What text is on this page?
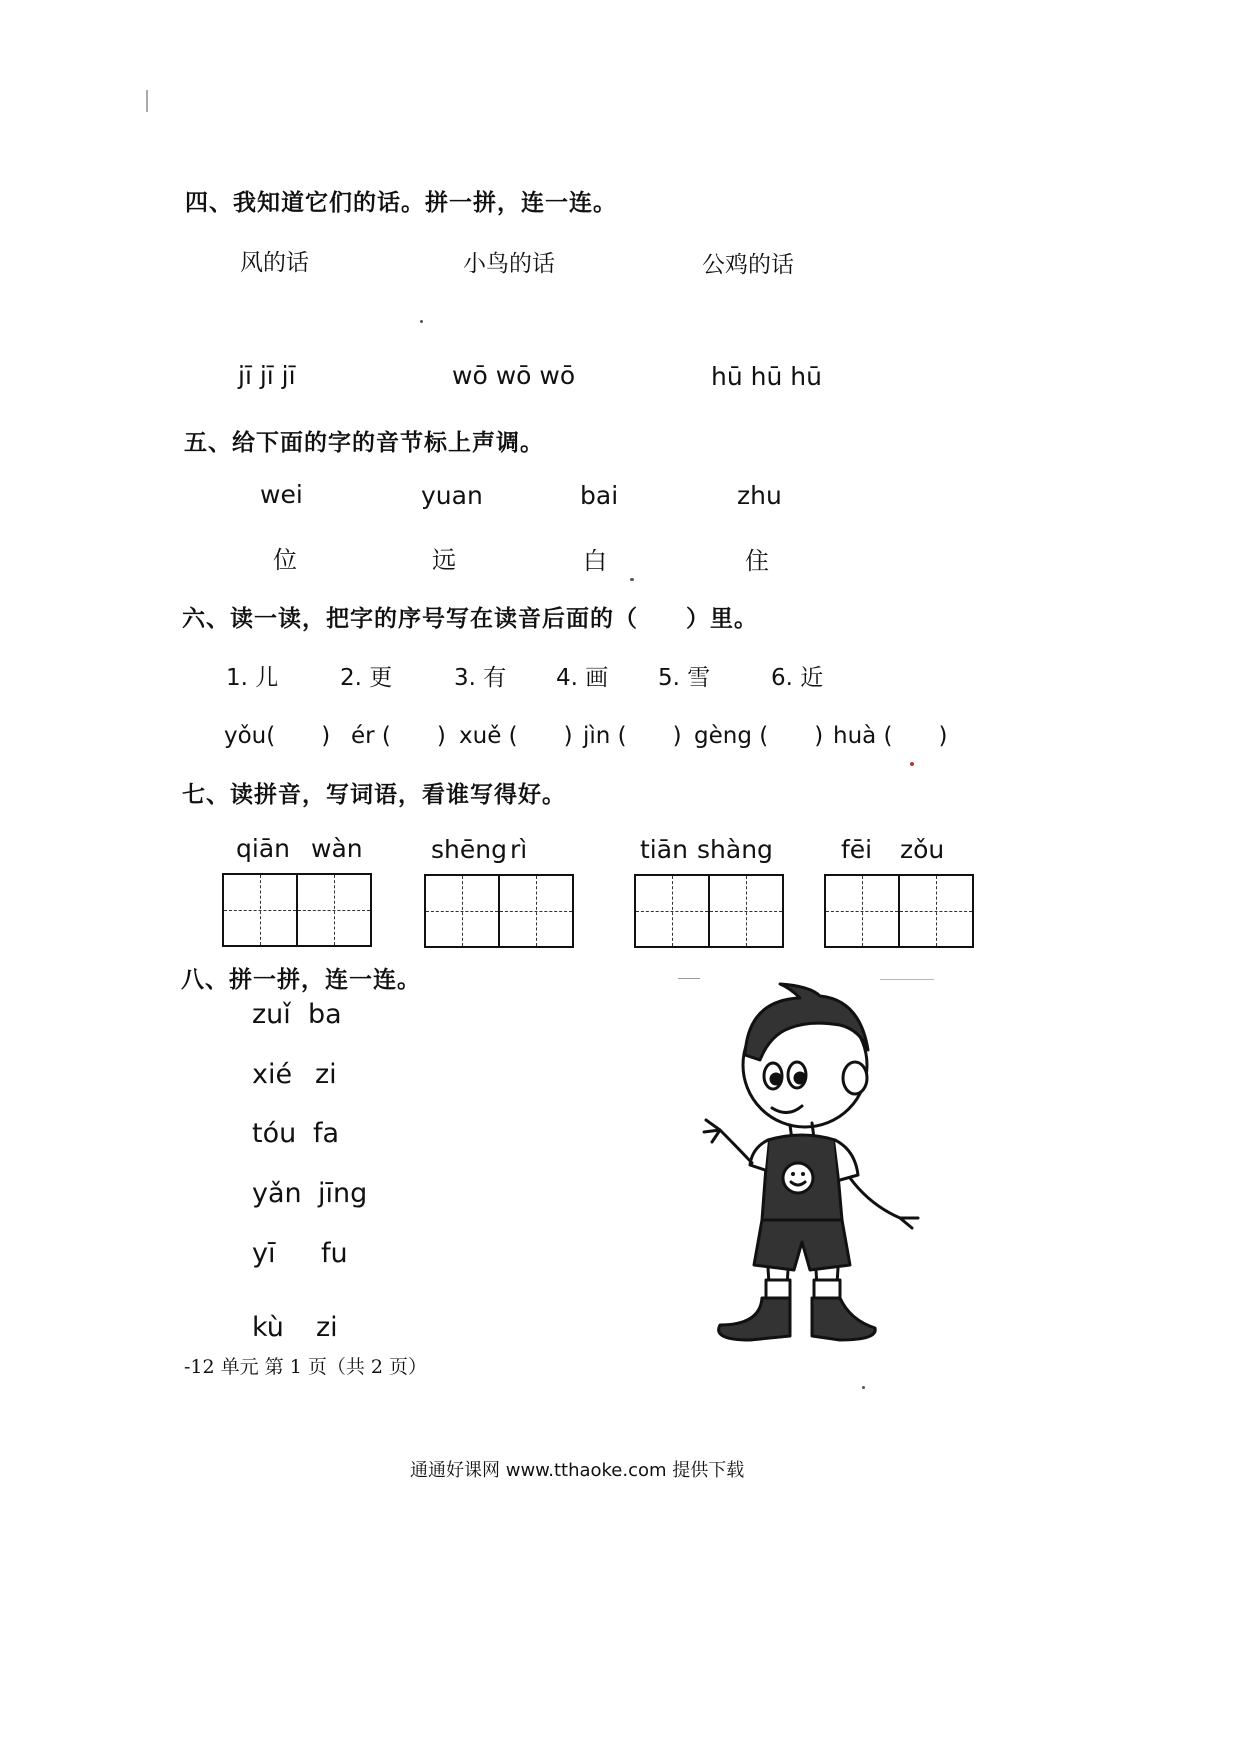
四、我知道它们的话。拼一拼，连一连。
风的话	小鸟的话	公鸡的话
jī jī jī	wō wō wō	hū hū hū
五、给下面的字的音节标上声调。
wei	yuan	bai	zhu
位	远	白	住
六、读一读，把字的序号写在读音后面的（　　）里。
1. 儿	2. 更	3. 有 4. 画 5. 雪	6. 近
yǒu(　　) ér (　　) xuě (　　) jìn (　　) gèng (　　) huà (　　)
七、读拼音，写词语，看谁写得好。
qiān wàn	shēng rì	tiān shàng	fēi zǒu
八、拼一拼，连一连。
zuǐ ba
xié zi
tóu fa
yǎn jīng
yī fu
kù zi
-12 单元 第 1 页（共 2 页）
通通好课网 www.tthaoke.com 提供下载
